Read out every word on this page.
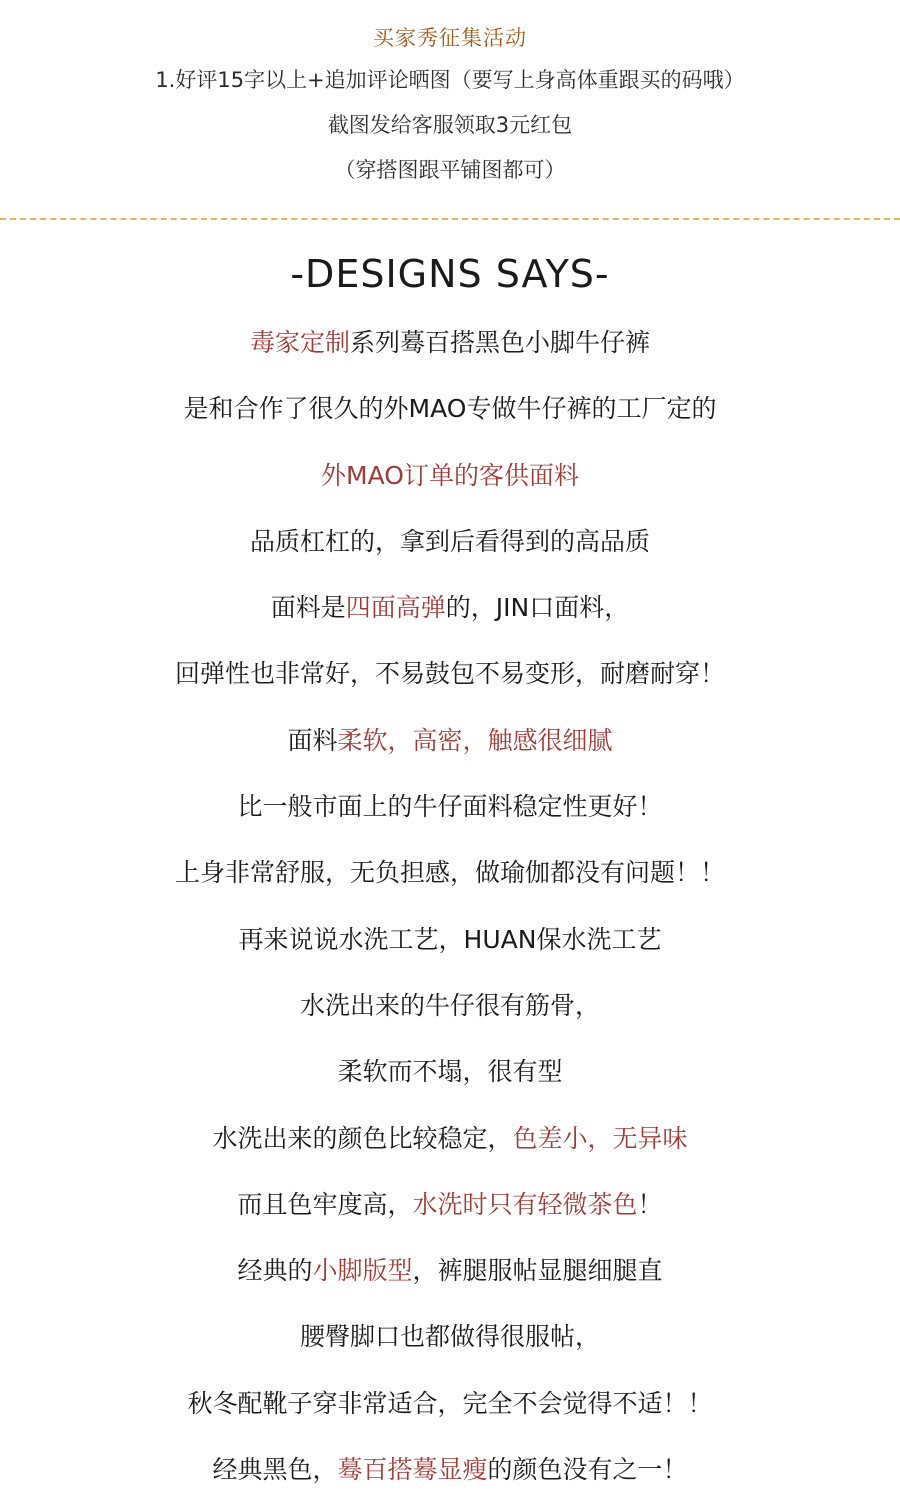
买家秀征集活动
1.好评15字以上+追加评论晒图（要写上身高体重跟买的码哦）
截图发给客服领取3元红包
（穿搭图跟平铺图都可）
-DESIGNS SAYS-
毒家定制系列蓦百搭黑色小脚牛仔裤
是和合作了很久的外MAO专做牛仔裤的工厂定的
外MAO订单的客供面料
品质杠杠的，拿到后看得到的高品质
面料是四面高弹的，JIN口面料，
回弹性也非常好，不易鼓包不易变形，耐磨耐穿！
面料柔软，高密，触感很细腻
比一般市面上的牛仔面料稳定性更好！
上身非常舒服，无负担感，做瑜伽都没有问题！！
再来说说水洗工艺，HUAN保水洗工艺
水洗出来的牛仔很有筋骨，
柔软而不塌，很有型
水洗出来的颜色比较稳定，色差小，无异味
而且色牢度高，水洗时只有轻微茶色！
经典的小脚版型，裤腿服帖显腿细腿直
腰臀脚口也都做得很服帖，
秋冬配靴子穿非常适合，完全不会觉得不适！！
经典黑色，蓦百搭蓦显瘦的颜色没有之一！
